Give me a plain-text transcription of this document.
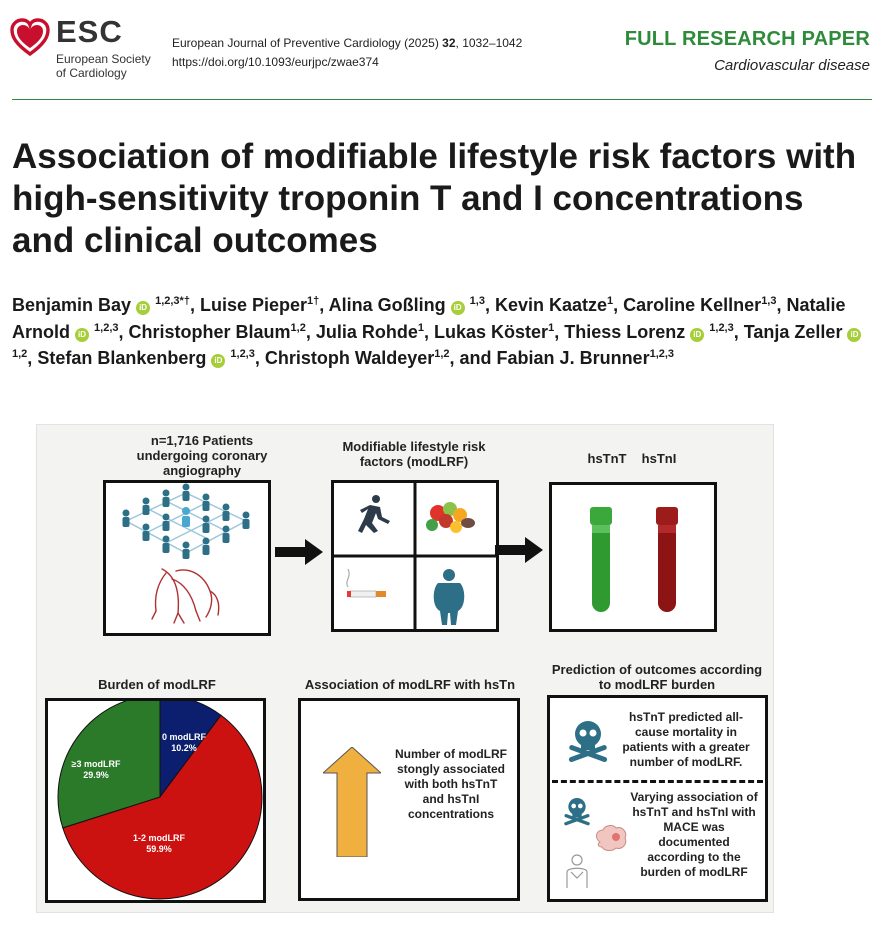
ESC
European Society
of Cardiology
European Journal of Preventive Cardiology (2025) 32, 1032–1042
https://doi.org/10.1093/eurjpc/zwae374
FULL RESEARCH PAPER
Cardiovascular disease
Association of modifiable lifestyle risk factors with high-sensitivity troponin T and I concentrations and clinical outcomes
Benjamin Bay iD $^{1,2,3*\dagger}$, Luise Pieper$^{1\dagger}$, Alina Goßling iD $^{1,3}$, Kevin Kaatze$^1$, Caroline Kellner$^{1,3}$, Natalie Arnold iD $^{1,2,3}$, Christopher Blaum$^{1,2}$, Julia Rohde$^1$, Lukas Köster$^1$, Thiess Lorenz iD $^{1,2,3}$, Tanja Zeller iD $^{1,2}$, Stefan Blankenberg iD $^{1,2,3}$, Christoph Waldeyer$^{1,2}$, and Fabian J. Brunner$^{1,2,3}$
n=1,716 Patients undergoing coronary angiography
Modifiable lifestyle risk factors (modLRF)	hsTnT	hsTnI
Burden of modLRF	Association of modLRF with hsTn
Prediction of outcomes according to modLRF burden
0 modLRF
10.2%
≥3 modLRF
29.9%
1-2 modLRF
59.9%
Number of modLRF stongly associated with both hsTnT and hsTnI concentrations
hsTnT predicted all-cause mortality in patients with a greater number of modLRF.
Varying association of hsTnT and hsTnI with MACE was documented according to the burden of modLRF
